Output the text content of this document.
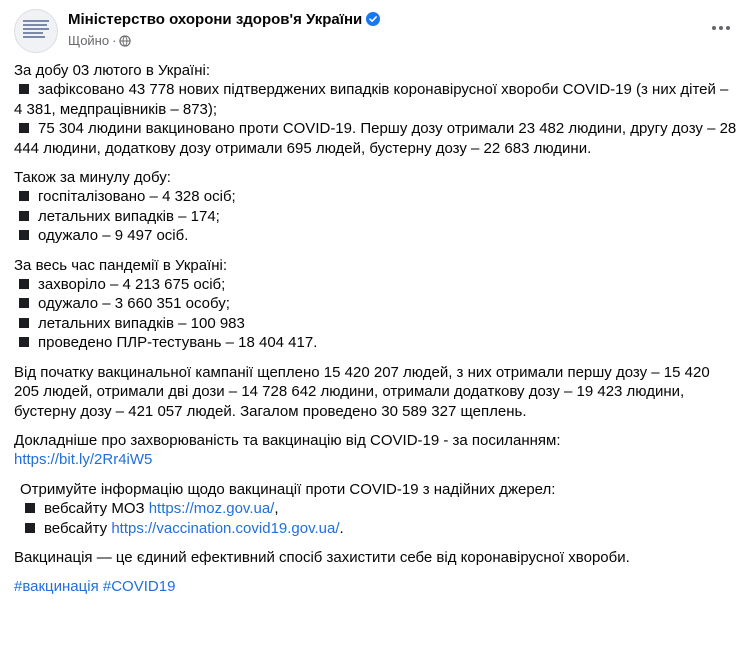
Міністерство охорони здоров'я України
Щойно ·
За добу 03 лютого в Україні:
зафіксовано 43 778 нових підтверджених випадків коронавірусної хвороби COVID-19 (з них дітей – 4 381, медпрацівників – 873);
75 304 людини вакциновано проти COVID-19. Першу дозу отримали 23 482 людини, другу дозу – 28 444 людини, додаткову дозу отримали 695 людей, бустерну дозу – 22 683 людини.
Також за минулу добу:
госпіталізовано – 4 328 осіб;
летальних випадків – 174;
одужало – 9 497 осіб.
За весь час пандемії в Україні:
захворіло – 4 213 675 осіб;
одужало – 3 660 351 особу;
летальних випадків – 100 983
проведено ПЛР-тестувань – 18 404 417.
Від початку вакцинальної кампанії щеплено 15 420 207 людей, з них отримали першу дозу – 15 420 205 людей, отримали дві дози – 14 728 642 людини, отримали додаткову дозу – 19 423 людини, бустерну дозу – 421 057 людей. Загалом проведено 30 589 327 щеплень.
Докладніше про захворюваність та вакцинацію від COVID-19 - за посиланням:
https://bit.ly/2Rr4iW5
Отримуйте інформацію щодо вакцинації проти COVID-19 з надійних джерел:
вебсайту МОЗ https://moz.gov.ua/,
вебсайту https://vaccination.covid19.gov.ua/.
Вакцинація — це єдиний ефективний спосіб захистити себе від коронавірусної хвороби.
#вакцинація #COVID19
